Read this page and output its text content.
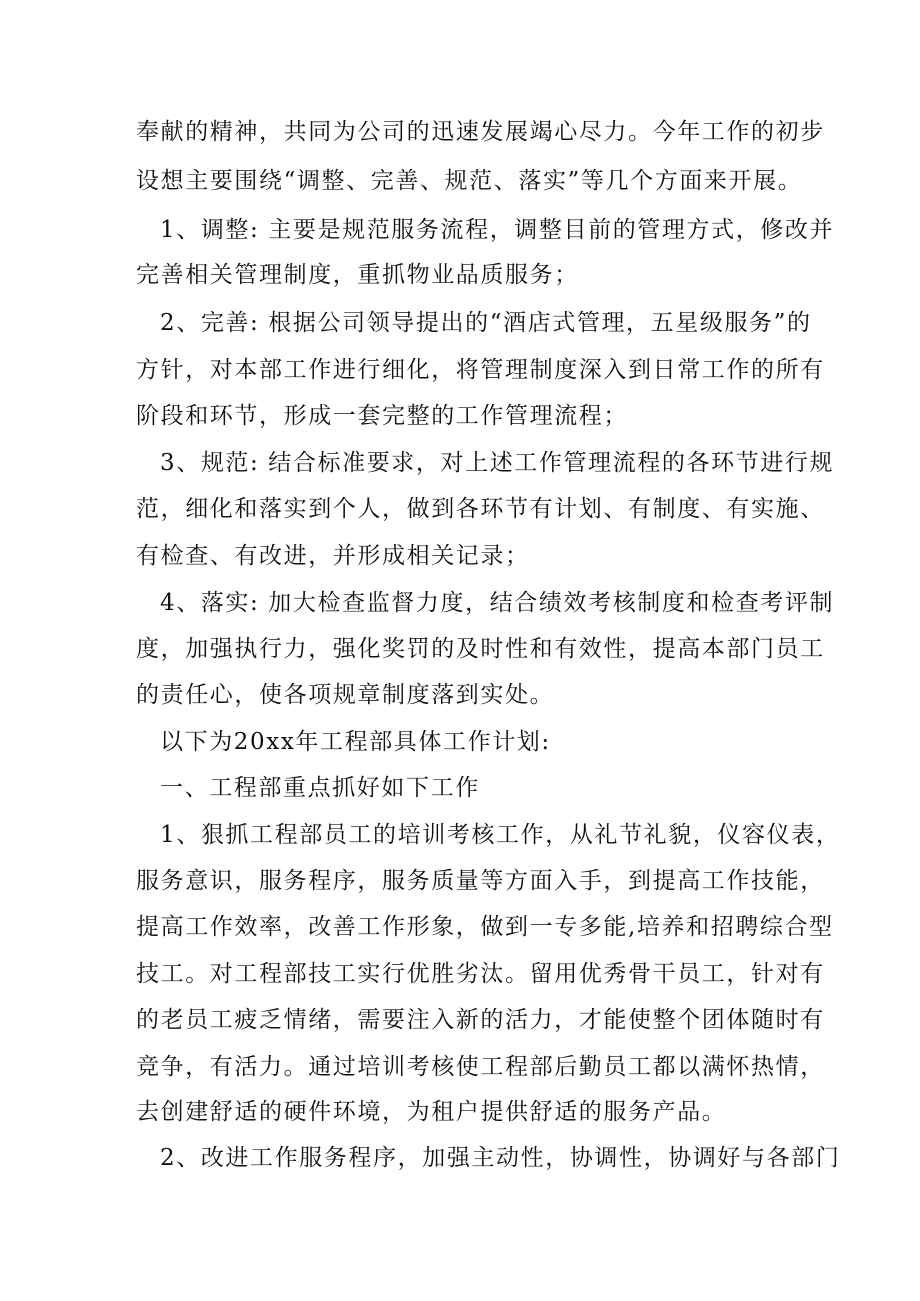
奉献的精神，共同为公司的迅速发展竭心尽力。今年工作的初步
设想主要围绕“调整、完善、规范、落实”等几个方面来开展。
1、调整: 主要是规范服务流程，调整目前的管理方式，修改并
完善相关管理制度，重抓物业品质服务；
2、完善: 根据公司领导提出的“酒店式管理，五星级服务”的
方针，对本部工作进行细化，将管理制度深入到日常工作的所有
阶段和环节，形成一套完整的工作管理流程；
3、规范: 结合标准要求，对上述工作管理流程的各环节进行规
范，细化和落实到个人，做到各环节有计划、有制度、有实施、
有检查、有改进，并形成相关记录；
4、落实: 加大检查监督力度，结合绩效考核制度和检查考评制
度，加强执行力，强化奖罚的及时性和有效性，提高本部门员工
的责任心，使各项规章制度落到实处。
以下为20xx年工程部具体工作计划:
一、工程部重点抓好如下工作
1、狠抓工程部员工的培训考核工作，从礼节礼貌，仪容仪表，
服务意识，服务程序，服务质量等方面入手，到提高工作技能，
提高工作效率，改善工作形象，做到一专多能,培养和招聘综合型
技工。对工程部技工实行优胜劣汰。留用优秀骨干员工，针对有
的老员工疲乏情绪，需要注入新的活力，才能使整个团体随时有
竞争，有活力。通过培训考核使工程部后勤员工都以满怀热情，
去创建舒适的硬件环境，为租户提供舒适的服务产品。
2、改进工作服务程序，加强主动性，协调性，协调好与各部门
